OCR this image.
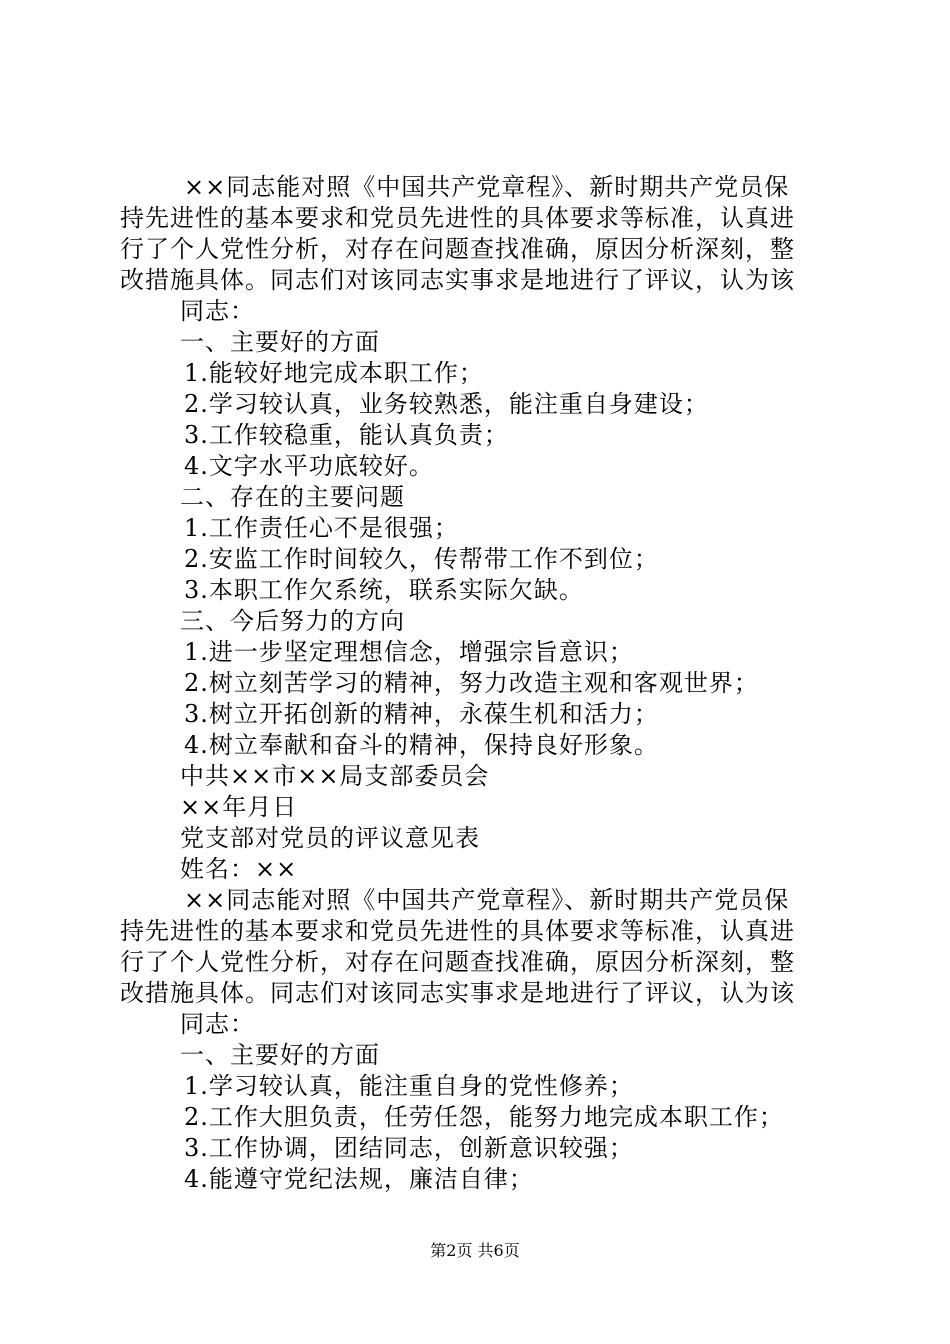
××同志能对照《中国共产党章程》、新时期共产党员保
持先进性的基本要求和党员先进性的具体要求等标准，认真进
行了个人党性分析，对存在问题查找准确，原因分析深刻，整
改措施具体。同志们对该同志实事求是地进行了评议，认为该
同志：
一、主要好的方面
1.能较好地完成本职工作；
2.学习较认真，业务较熟悉，能注重自身建设；
3.工作较稳重，能认真负责；
4.文字水平功底较好。
二、存在的主要问题
1.工作责任心不是很强；
2.安监工作时间较久，传帮带工作不到位；
3.本职工作欠系统，联系实际欠缺。
三、今后努力的方向
1.进一步坚定理想信念，增强宗旨意识；
2.树立刻苦学习的精神，努力改造主观和客观世界；
3.树立开拓创新的精神，永葆生机和活力；
4.树立奉献和奋斗的精神，保持良好形象。
中共××市××局支部委员会
××年月日
党支部对党员的评议意见表
姓名：××
××同志能对照《中国共产党章程》、新时期共产党员保
持先进性的基本要求和党员先进性的具体要求等标准，认真进
行了个人党性分析，对存在问题查找准确，原因分析深刻，整
改措施具体。同志们对该同志实事求是地进行了评议，认为该
同志：
一、主要好的方面
1.学习较认真，能注重自身的党性修养；
2.工作大胆负责，任劳任怨，能努力地完成本职工作；
3.工作协调，团结同志，创新意识较强；
4.能遵守党纪法规，廉洁自律；
第2页 共6页
